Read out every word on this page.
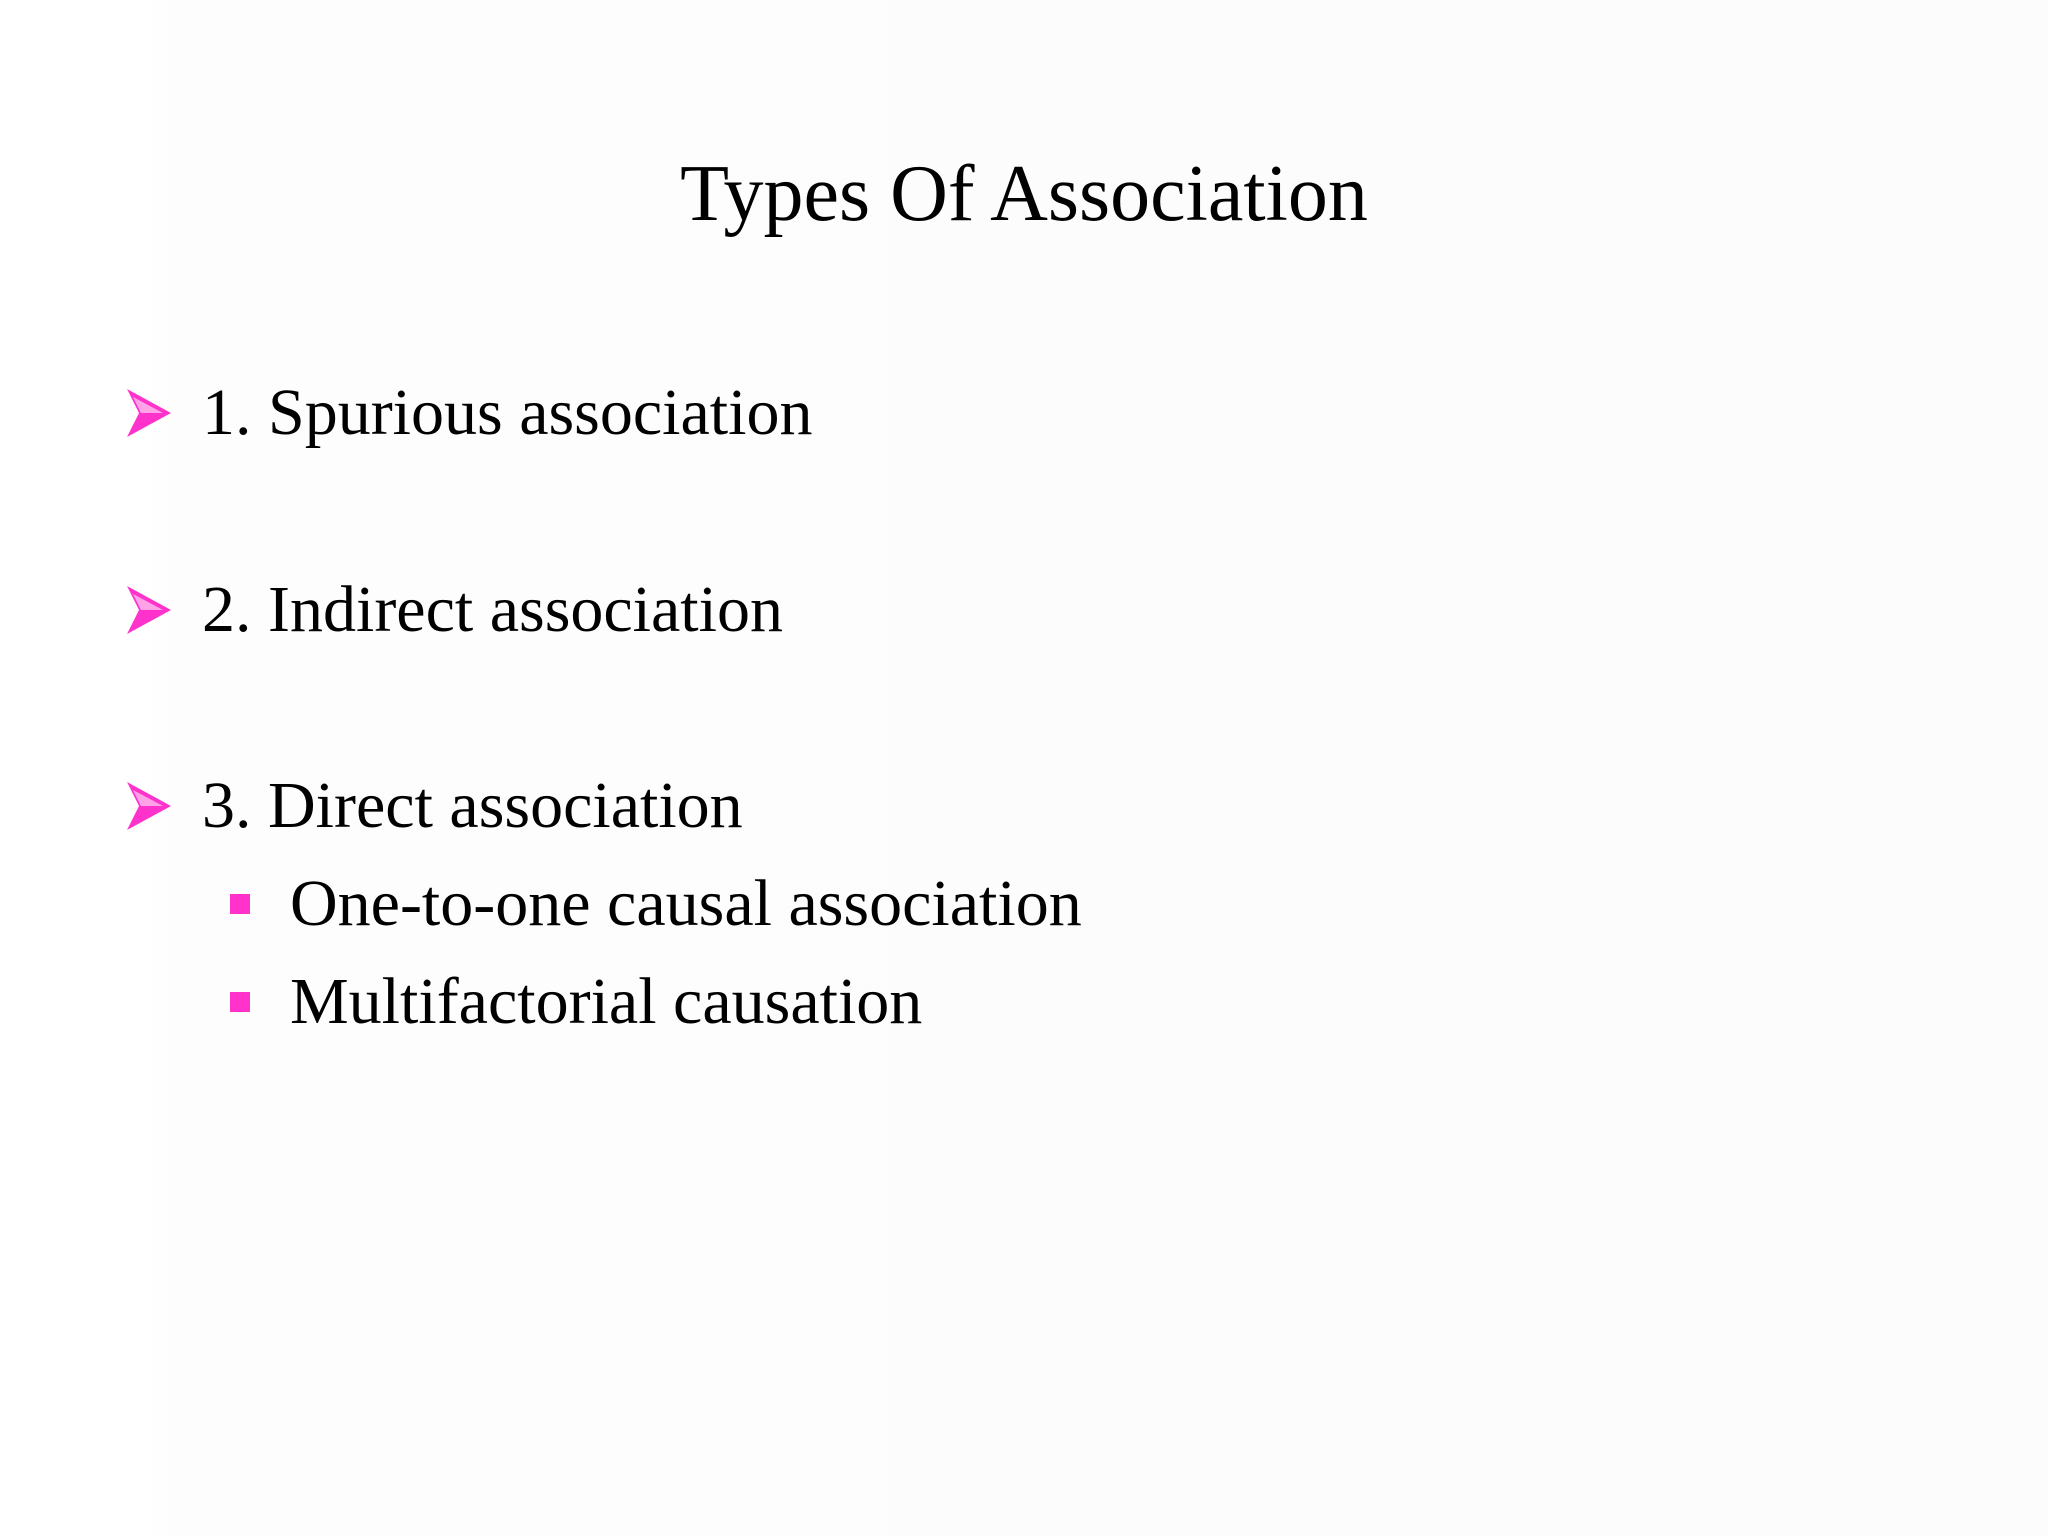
Types Of Association
1. Spurious association
2. Indirect association
3. Direct association
One-to-one causal association
Multifactorial causation
